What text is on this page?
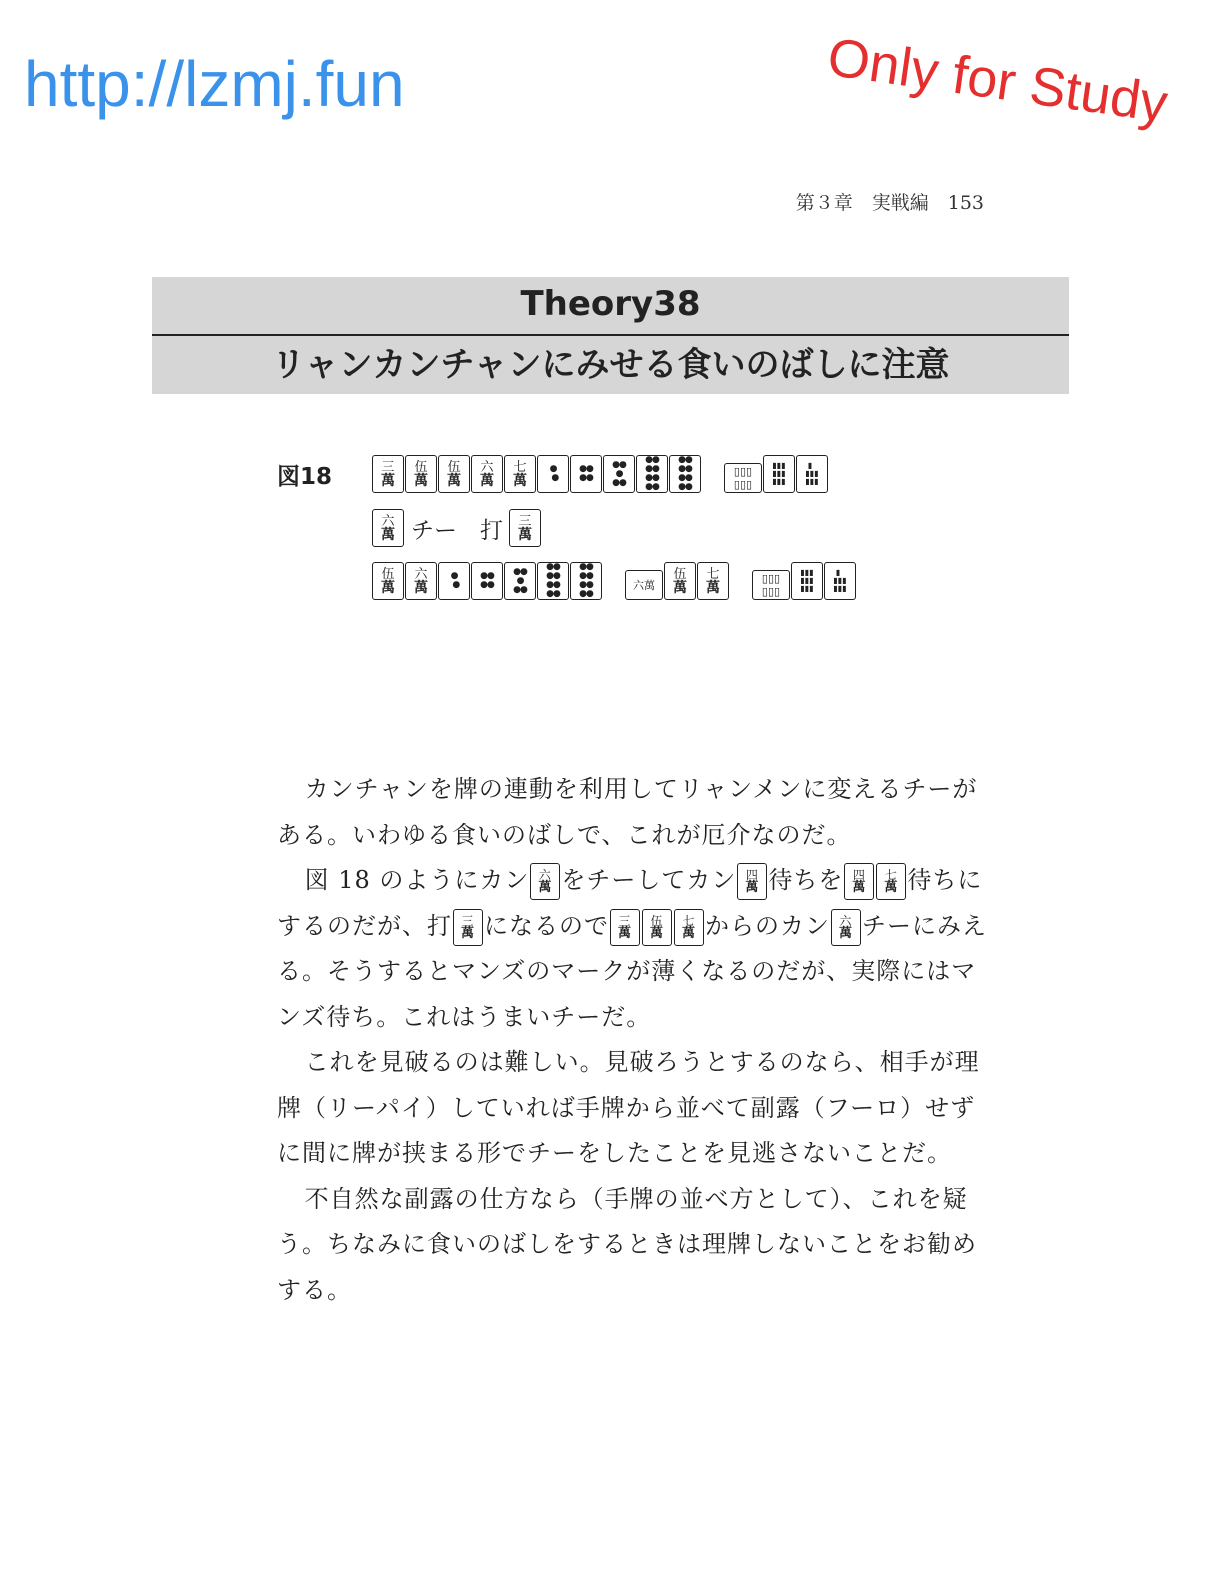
http://lzmj.fun	Only for Study
第３章　実戦編　153
Theory38
リャンカンチャンにみせる食いのばしに注意
図18	三
萬
伍
萬
伍
萬
六
萬
七
萬
●
●
●●
●●
●●
●
●●
●●
●●
●●
●●
●●
●●
●●
●●
▯▯▯
▯▯▯
▮▮▮
▮▮▮
▮▮▮
▮
▮▮▮
▮▮▮
六
萬 チー　打 三
萬
伍
萬
六
萬
●
●
●●
●●
●●
●
●●
●●
●●
●●
●●
●●
●●
●●
●●
六萬
伍
萬
七
萬
▯▯▯
▯▯▯
▮▮▮
▮▮▮
▮▮▮
▮
▮▮▮
▮▮▮

カンチャンを牌の連動を利用してリャンメンに変えるチーがある。いわゆる食いのばしで、これが厄介なのだ。

図 18 のようにカン 六
萬 をチーしてカン 四
萬 待ちを 四
萬
七
萬 待ちにするのだが、打 三
萬 になるので 三
萬
伍
萬
七
萬 からのカン 六
萬 チーにみえる。そうするとマンズのマークが薄くなるのだが、実際にはマンズ待ち。これはうまいチーだ。

これを見破るのは難しい。見破ろうとするのなら、相手が理牌（リーパイ）していれば手牌から並べて副露（フーロ）せずに間に牌が挟まる形でチーをしたことを見逃さないことだ。

不自然な副露の仕方なら（手牌の並べ方として）、これを疑う。ちなみに食いのばしをするときは理牌しないことをお勧めする。
